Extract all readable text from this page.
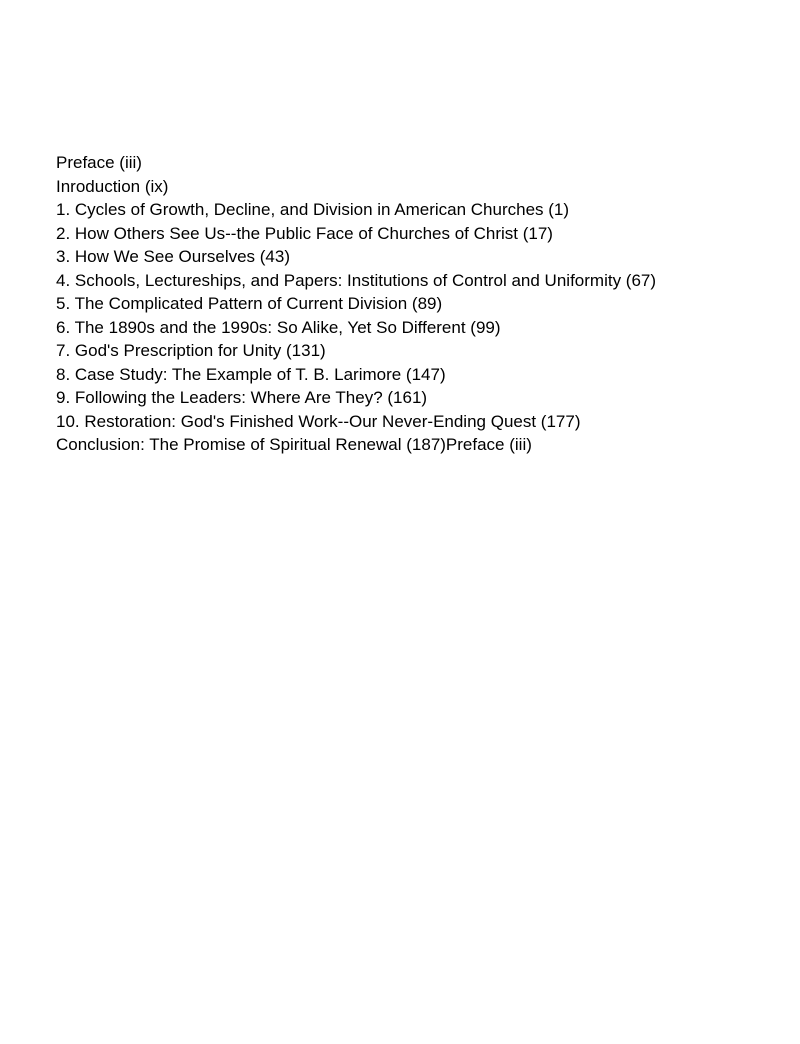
Preface (iii)
Inroduction (ix)
1. Cycles of Growth, Decline, and Division in American Churches (1)
2. How Others See Us--the Public Face of Churches of Christ (17)
3. How We See Ourselves (43)
4. Schools, Lectureships, and Papers: Institutions of Control and Uniformity (67)
5. The Complicated Pattern of Current Division (89)
6. The 1890s and the 1990s: So Alike, Yet So Different (99)
7. God's Prescription for Unity (131)
8. Case Study: The Example of T. B. Larimore (147)
9. Following the Leaders: Where Are They? (161)
10. Restoration: God's Finished Work--Our Never-Ending Quest (177)
Conclusion: The Promise of Spiritual Renewal (187)Preface (iii)
